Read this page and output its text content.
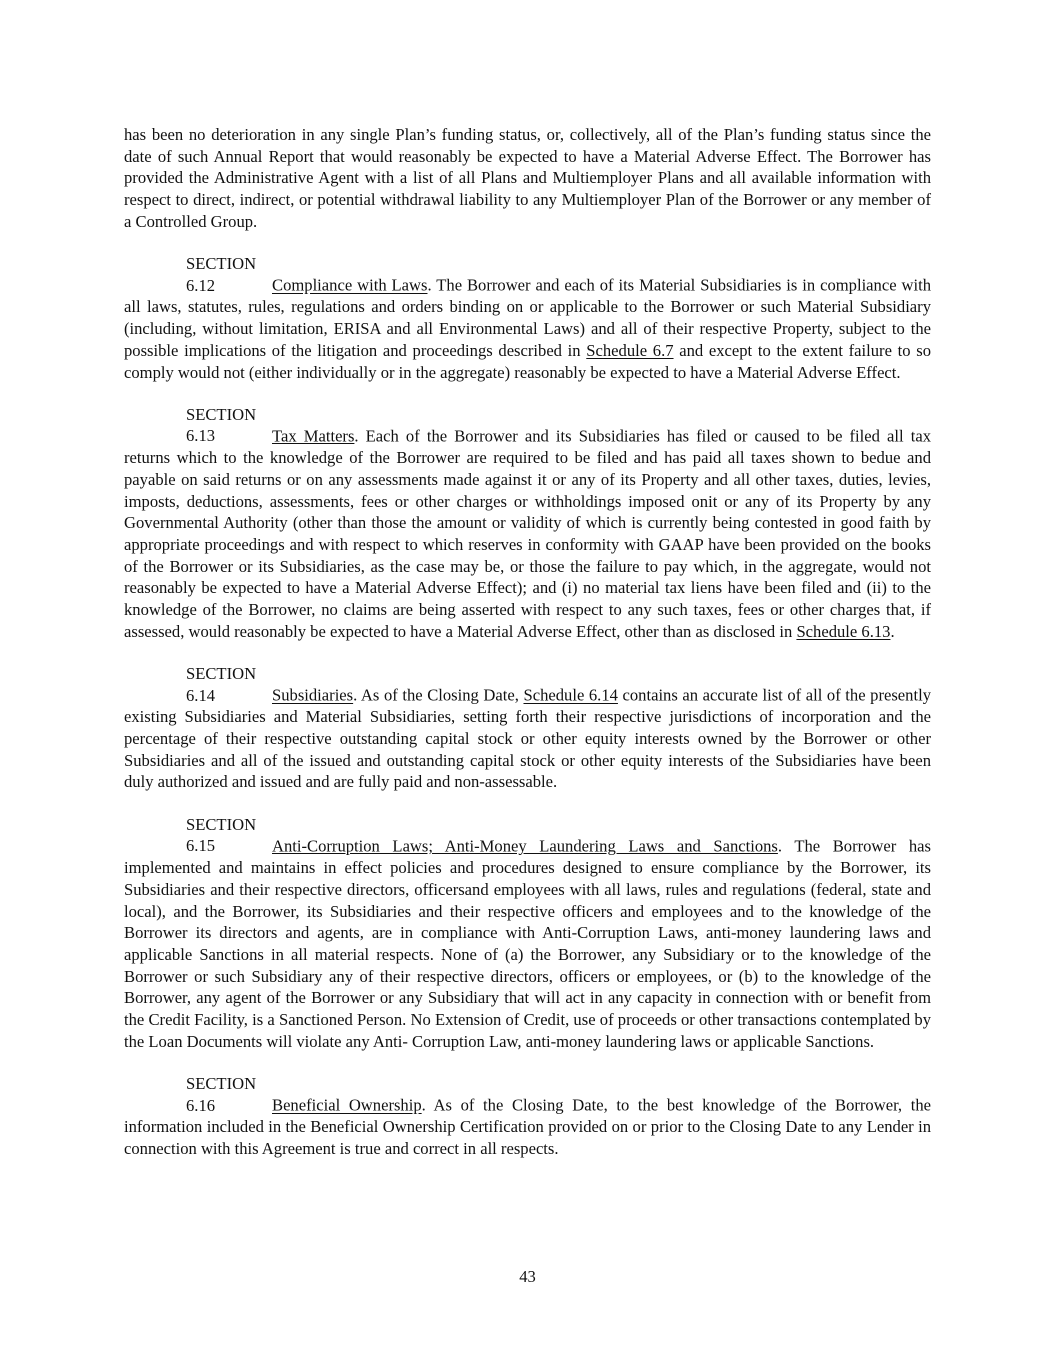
has been no deterioration in any single Plan’s funding status, or, collectively, all of the Plan’s funding status since the date of such Annual Report that would reasonably be expected to have a Material Adverse Effect. The Borrower has provided the Administrative Agent with a list of all Plans and Multiemployer Plans and all available information with respect to direct, indirect, or potential withdrawal liability to any Multiemployer Plan of the Borrower or any member of a Controlled Group.

SECTION 6.12	Compliance with Laws. The Borrower and each of its Material Subsidiaries is in compliance with all laws, statutes, rules, regulations and orders binding on or applicable to the Borrower or such Material Subsidiary (including, without limitation, ERISA and all Environmental Laws) and all of their respective Property, subject to the possible implications of the litigation and proceedings described in Schedule 6.7 and except to the extent failure to so comply would not (either individually or in the aggregate) reasonably be expected to have a Material Adverse Effect.

SECTION 6.13	Tax Matters. Each of the Borrower and its Subsidiaries has filed or caused to be filed all tax returns which to the knowledge of the Borrower are required to be filed and has paid all taxes shown to bedue and payable on said returns or on any assessments made against it or any of its Property and all other taxes, duties, levies, imposts, deductions, assessments, fees or other charges or withholdings imposed onit or any of its Property by any Governmental Authority (other than those the amount or validity of which is currently being contested in good faith by appropriate proceedings and with respect to which reserves in conformity with GAAP have been provided on the books of the Borrower or its Subsidiaries, as the case may be, or those the failure to pay which, in the aggregate, would not reasonably be expected to have a Material Adverse Effect); and (i) no material tax liens have been filed and (ii) to the knowledge of the Borrower, no claims are being asserted with respect to any such taxes, fees or other charges that, if assessed, would reasonably be expected to have a Material Adverse Effect, other than as disclosed in Schedule 6.13.

SECTION 6.14	Subsidiaries. As of the Closing Date, Schedule 6.14 contains an accurate list of all of the presently existing Subsidiaries and Material Subsidiaries, setting forth their respective jurisdictions of incorporation and the percentage of their respective outstanding capital stock or other equity interests owned by the Borrower or other Subsidiaries and all of the issued and outstanding capital stock or other equity interests of the Subsidiaries have been duly authorized and issued and are fully paid and non-assessable.

SECTION 6.15	Anti-Corruption Laws; Anti-Money Laundering Laws and Sanctions. The Borrower has implemented and maintains in effect policies and procedures designed to ensure compliance by the Borrower, its Subsidiaries and their respective directors, officersand employees with all laws, rules and regulations (federal, state and local), and the Borrower, its Subsidiaries and their respective officers and employees and to the knowledge of the Borrower its directors and agents, are in compliance with Anti-Corruption Laws, anti-money laundering laws and applicable Sanctions in all material respects. None of (a) the Borrower, any Subsidiary or to the knowledge of the Borrower or such Subsidiary any of their respective directors, officers or employees, or (b) to the knowledge of the Borrower, any agent of the Borrower or any Subsidiary that will act in any capacity in connection with or benefit from the Credit Facility, is a Sanctioned Person. No Extension of Credit, use of proceeds or other transactions contemplated by the Loan Documents will violate any Anti- Corruption Law, anti-money laundering laws or applicable Sanctions.

SECTION 6.16	Beneficial Ownership. As of the Closing Date, to the best knowledge of the Borrower, the information included in the Beneficial Ownership Certification provided on or prior to the Closing Date to any Lender in connection with this Agreement is true and correct in all respects.

43
